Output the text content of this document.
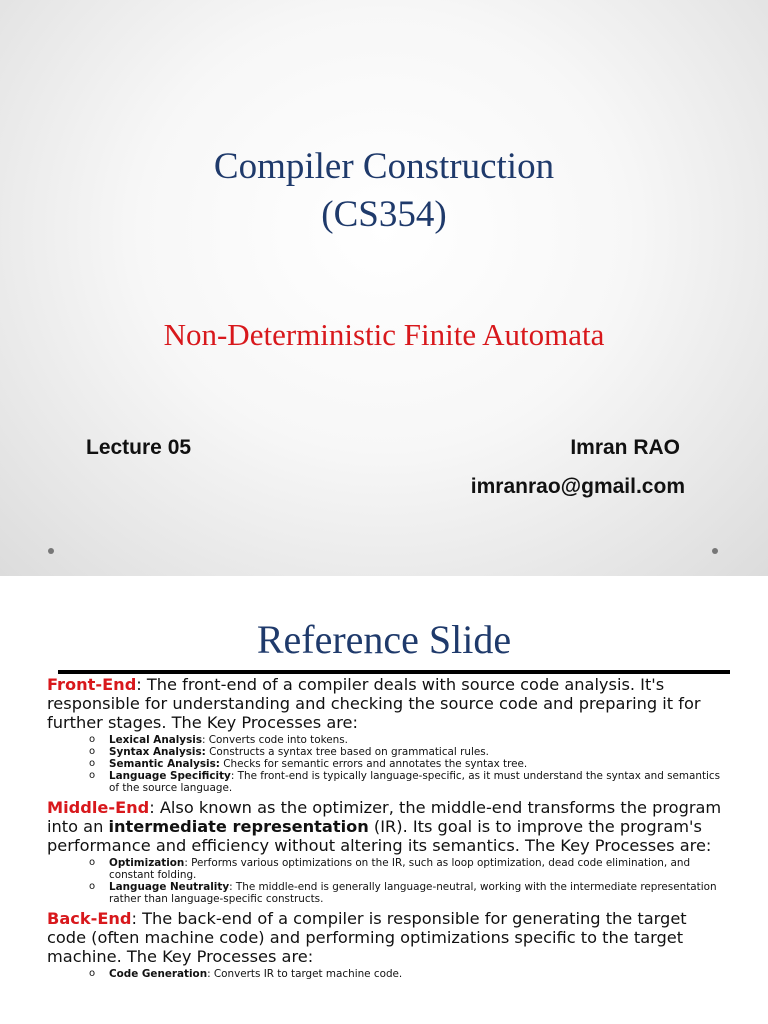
Compiler Construction
(CS354)
Non-Deterministic Finite Automata
Lecture 05	Imran RAO
imranrao@gmail.com
Reference Slide

Front-End: The front-end of a compiler deals with source code analysis. It's responsible for understanding and checking the source code and preparing it for further stages. The Key Processes are:

o Lexical Analysis: Converts code into tokens.
o Syntax Analysis: Constructs a syntax tree based on grammatical rules.
o Semantic Analysis: Checks for semantic errors and annotates the syntax tree.
o Language Specificity: The front-end is typically language-specific, as it must understand the syntax and semantics of the source language.

Middle-End: Also known as the optimizer, the middle-end transforms the program into an intermediate representation (IR). Its goal is to improve the program's performance and efficiency without altering its semantics. The Key Processes are:

o Optimization: Performs various optimizations on the IR, such as loop optimization, dead code elimination, and constant folding.
o Language Neutrality: The middle-end is generally language-neutral, working with the intermediate representation rather than language-specific constructs.

Back-End: The back-end of a compiler is responsible for generating the target code (often machine code) and performing optimizations specific to the target machine. The Key Processes are:

o Code Generation: Converts IR to target machine code.
